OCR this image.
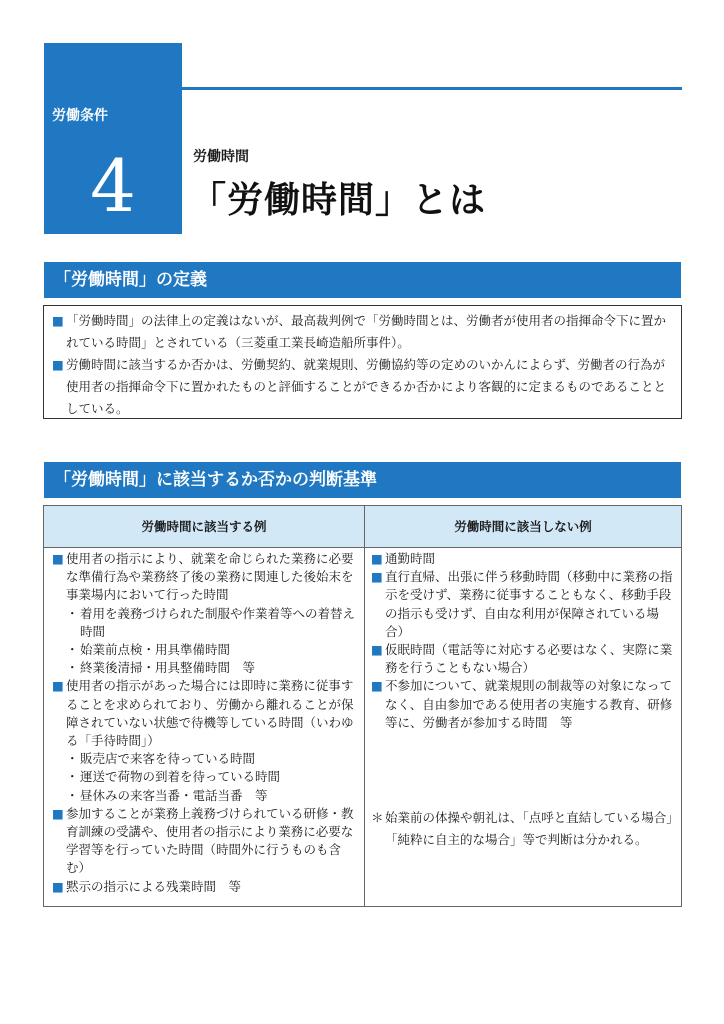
労働条件
4	労働時間
「労働時間」とは
「労働時間」の定義
■ 「労働時間」の法律上の定義はないが、最高裁判例で「労働時間とは、労働者が使用者の指揮命令下に置かれている時間」とされている（三菱重工業長崎造船所事件）。
■ 労働時間に該当するか否かは、労働契約、就業規則、労働協約等の定めのいかんによらず、労働者の行為が使用者の指揮命令下に置かれたものと評価することができるか否かにより客観的に定まるものであることとしている。
「労働時間」に該当するか否かの判断基準
労働時間に該当する例	労働時間に該当しない例
■ 使用者の指示により、就業を命じられた業務に必要な準備行為や業務終了後の業務に関連した後始末を事業場内において行った時間
・ 着用を義務づけられた制服や作業着等への着替え時間
・ 始業前点検・用具準備時間
・ 終業後清掃・用具整備時間　等
■ 使用者の指示があった場合には即時に業務に従事することを求められており、労働から離れることが保障されていない状態で待機等している時間（いわゆる「手待時間」）
・ 販売店で来客を待っている時間
・ 運送で荷物の到着を待っている時間
・ 昼休みの来客当番・電話当番　等
■ 参加することが業務上義務づけられている研修・教育訓練の受講や、使用者の指示により業務に必要な学習等を行っていた時間（時間外に行うものも含む）
■ 黙示の指示による残業時間　等
■ 通勤時間
■ 直行直帰、出張に伴う移動時間（移動中に業務の指示を受けず、業務に従事することもなく、移動手段の指示も受けず、自由な利用が保障されている場合）
■ 仮眠時間（電話等に対応する必要はなく、実際に業務を行うこともない場合）
■ 不参加について、就業規則の制裁等の対象になってなく、自由参加である使用者の実施する教育、研修等に、労働者が参加する時間　等
＊ 始業前の体操や朝礼は、「点呼と直結している場合」「純粋に自主的な場合」等で判断は分かれる。
